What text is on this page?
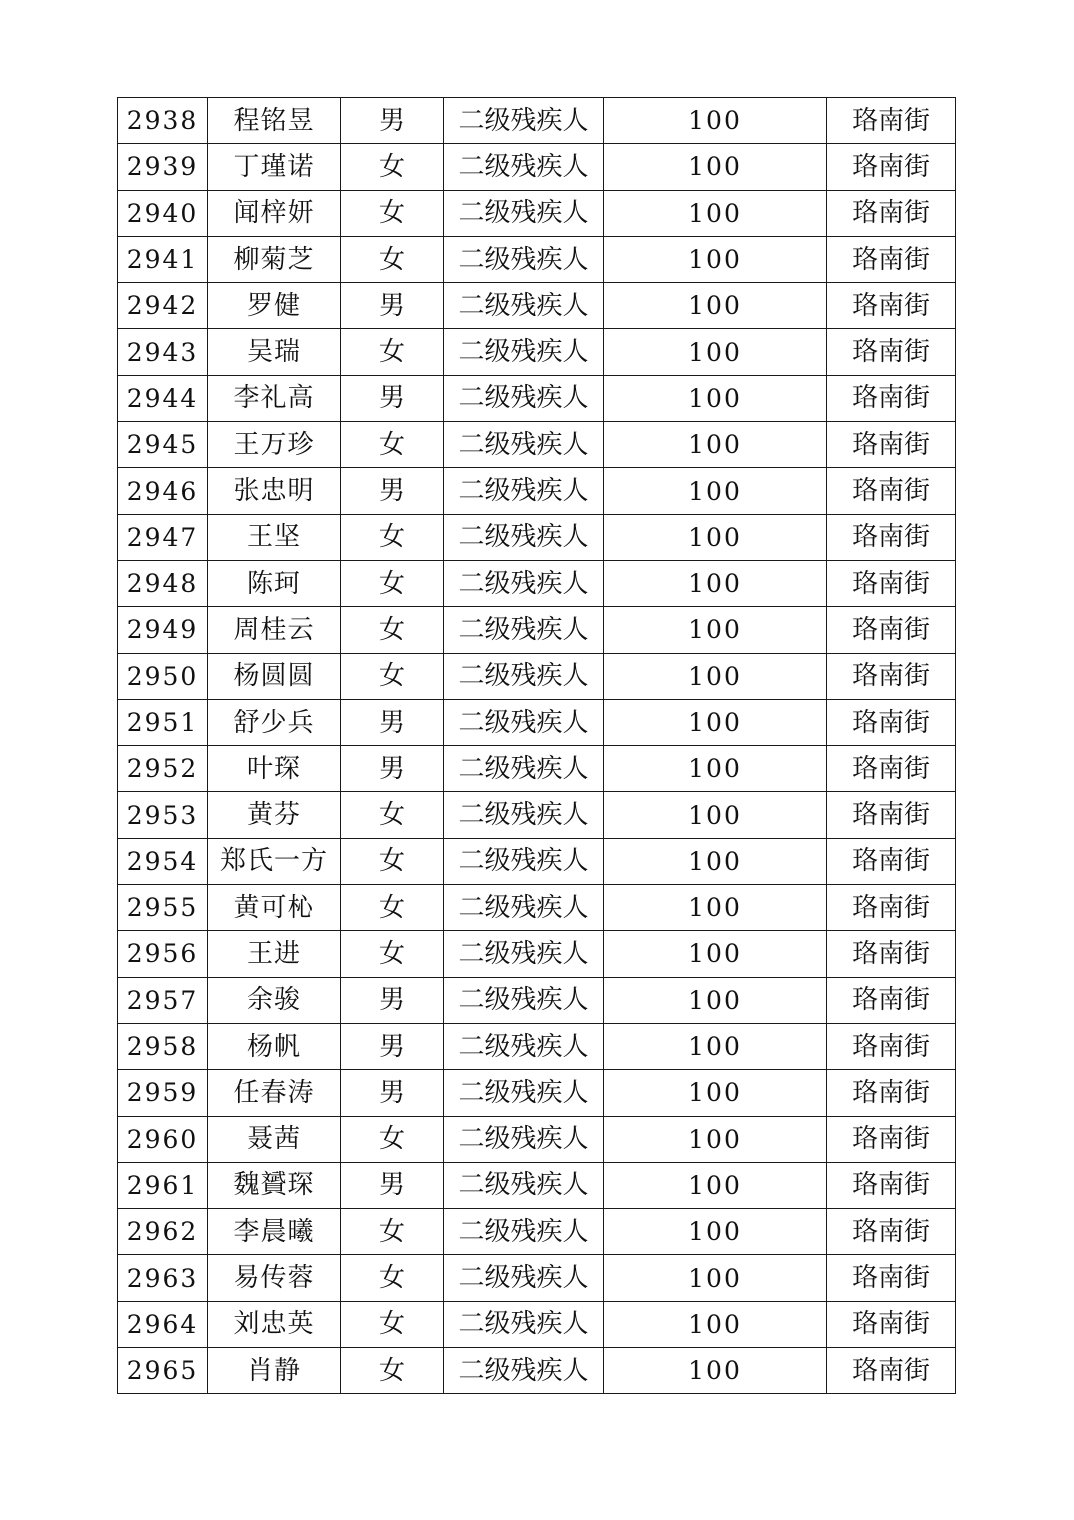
2938	程铭昱	男	二级残疾人	100	珞南街
2939	丁瑾诺	女	二级残疾人	100	珞南街
2940	闻梓妍	女	二级残疾人	100	珞南街
2941	柳菊芝	女	二级残疾人	100	珞南街
2942	罗健	男	二级残疾人	100	珞南街
2943	吴瑞	女	二级残疾人	100	珞南街
2944	李礼高	男	二级残疾人	100	珞南街
2945	王万珍	女	二级残疾人	100	珞南街
2946	张忠明	男	二级残疾人	100	珞南街
2947	王坚	女	二级残疾人	100	珞南街
2948	陈珂	女	二级残疾人	100	珞南街
2949	周桂云	女	二级残疾人	100	珞南街
2950	杨圆圆	女	二级残疾人	100	珞南街
2951	舒少兵	男	二级残疾人	100	珞南街
2952	叶琛	男	二级残疾人	100	珞南街
2953	黄芬	女	二级残疾人	100	珞南街
2954	郑氏一方	女	二级残疾人	100	珞南街
2955	黄可杺	女	二级残疾人	100	珞南街
2956	王进	女	二级残疾人	100	珞南街
2957	余骏	男	二级残疾人	100	珞南街
2958	杨帆	男	二级残疾人	100	珞南街
2959	任春涛	男	二级残疾人	100	珞南街
2960	聂茜	女	二级残疾人	100	珞南街
2961	魏贇琛	男	二级残疾人	100	珞南街
2962	李晨曦	女	二级残疾人	100	珞南街
2963	易传蓉	女	二级残疾人	100	珞南街
2964	刘忠英	女	二级残疾人	100	珞南街
2965	肖静	女	二级残疾人	100	珞南街
